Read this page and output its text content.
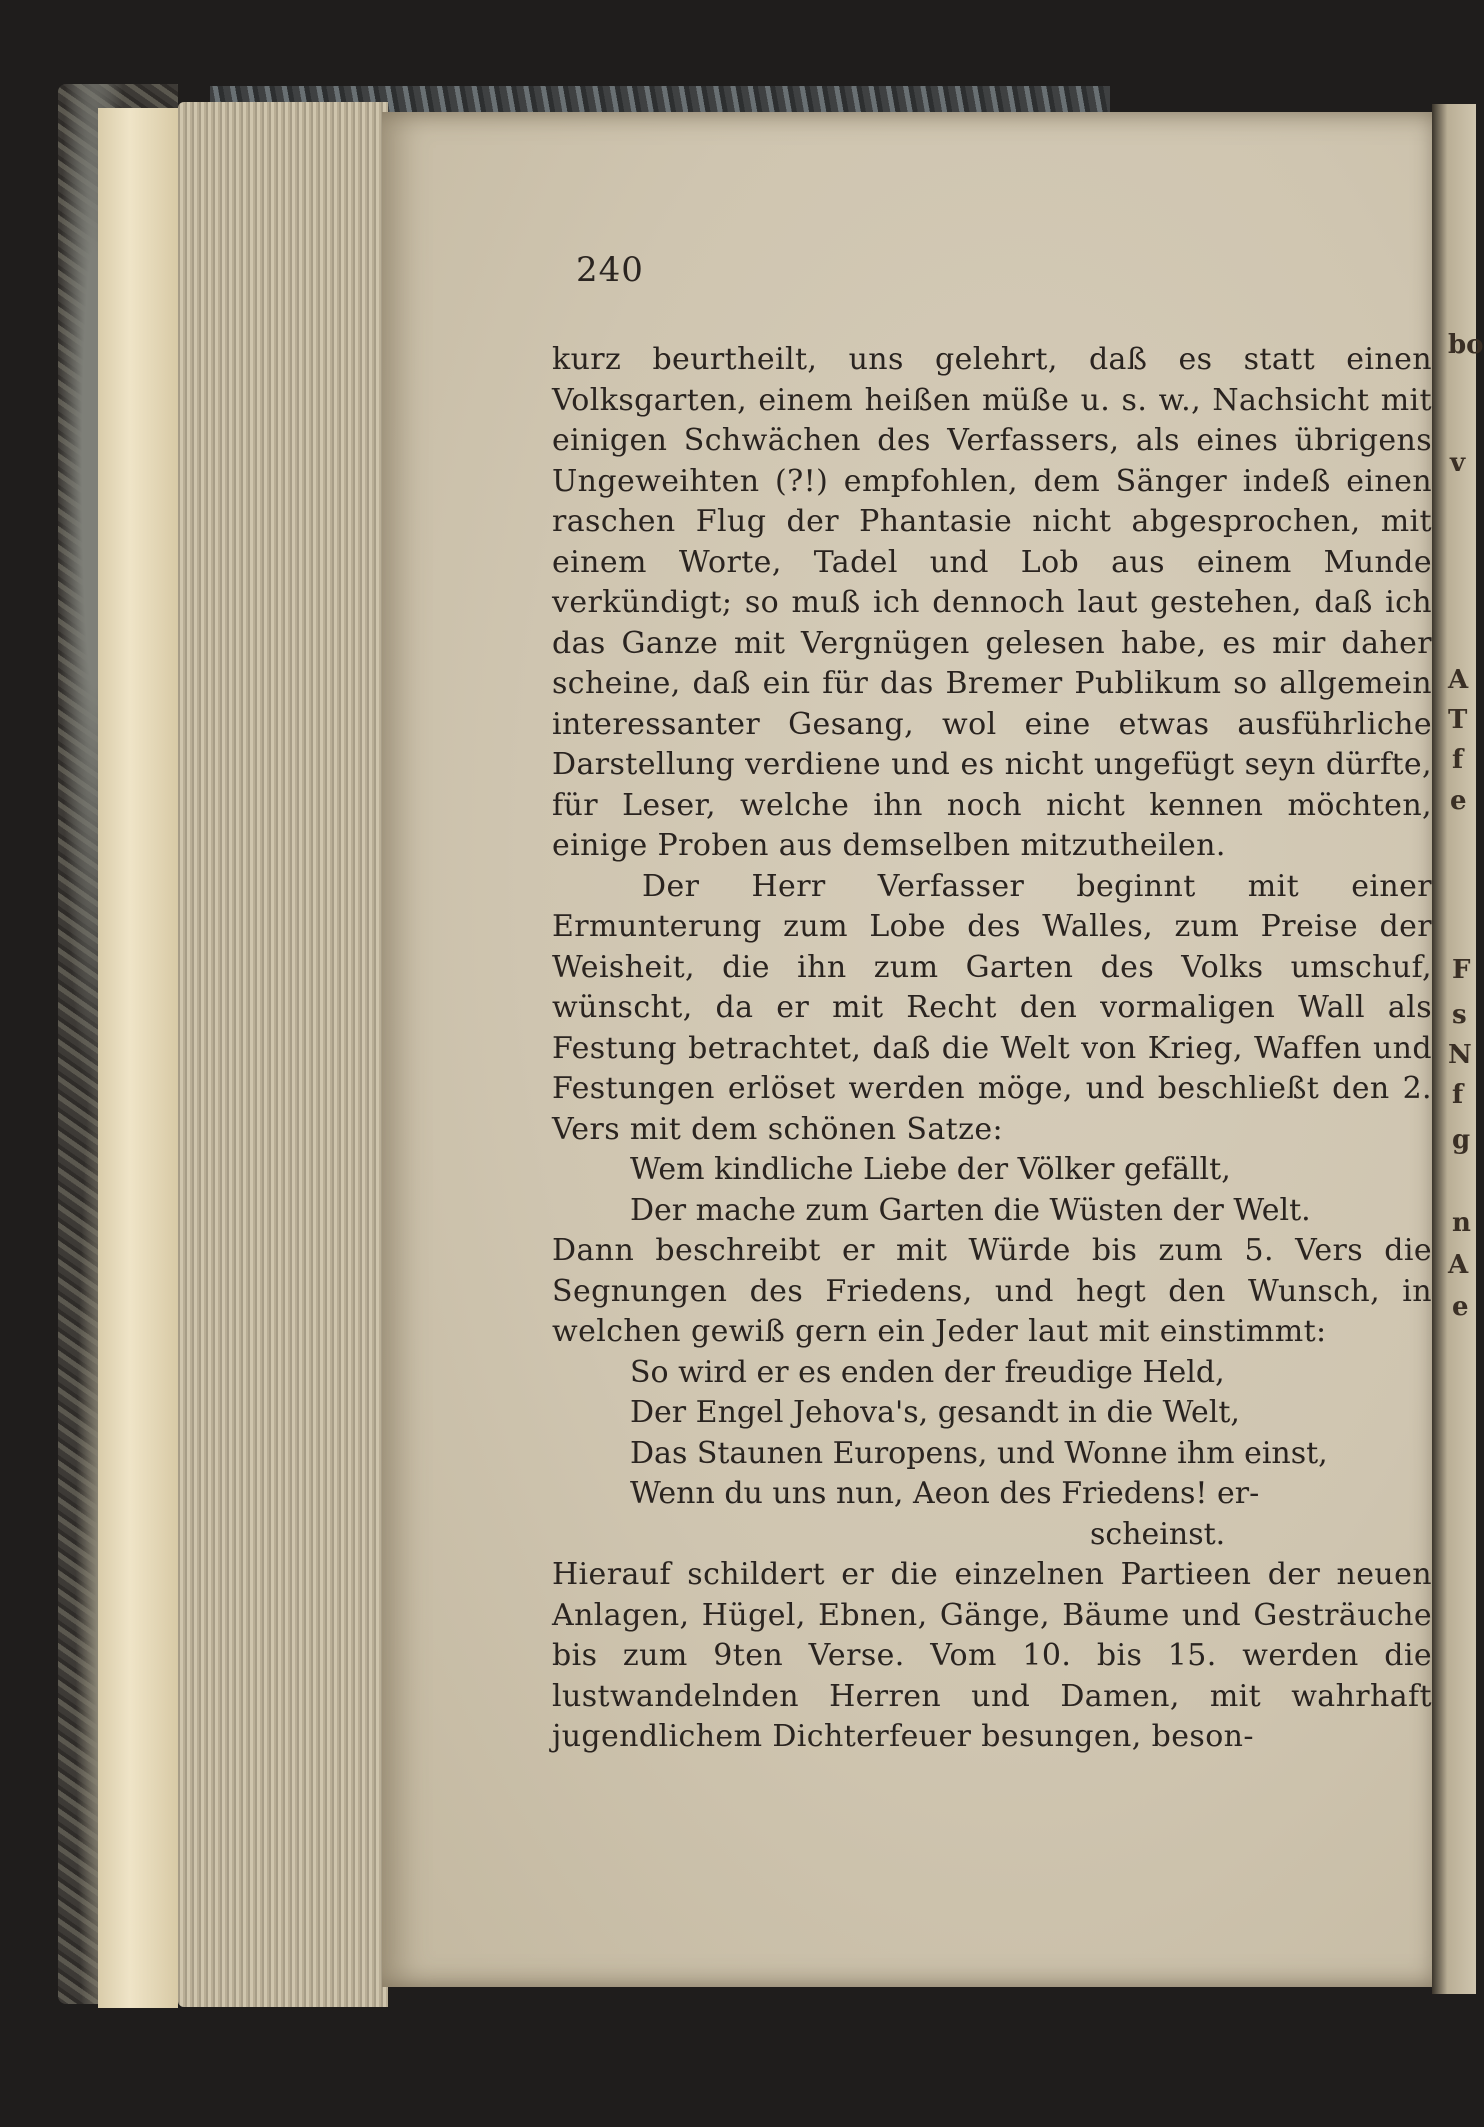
bo
v
A
T
f
e
F
s
N
f
g
n
A
e
240

kurz beurtheilt, uns gelehrt, daß es statt einen Volksgarten, einem heißen müße u. s. w., Nachsicht mit einigen Schwächen des Verfassers, als eines übrigens Ungeweihten (?!) empfohlen, dem Sänger indeß einen raschen Flug der Phantasie nicht abgesprochen, mit einem Worte, Tadel und Lob aus einem Munde verkündigt; so muß ich dennoch laut gestehen, daß ich das Ganze mit Vergnügen gelesen habe, es mir daher scheine, daß ein für das Bremer Publikum so allgemein interessanter Gesang, wol eine etwas ausführliche Darstellung verdiene und es nicht ungefügt seyn dürfte, für Leser, welche ihn noch nicht kennen möchten, einige Proben aus demselben mitzutheilen.

Der Herr Verfasser beginnt mit einer Ermunterung zum Lobe des Walles, zum Preise der Weisheit, die ihn zum Garten des Volks umschuf, wünscht, da er mit Recht den vormaligen Wall als Festung betrachtet, daß die Welt von Krieg, Waffen und Festungen erlöset werden möge, und beschließt den 2. Vers mit dem schönen Satze:

Wem kindliche Liebe der Völker gefällt,
Der mache zum Garten die Wüsten der Welt.

Dann beschreibt er mit Würde bis zum 5. Vers die Segnungen des Friedens, und hegt den Wunsch, in welchen gewiß gern ein Jeder laut mit einstimmt:

So wird er es enden der freudige Held,
Der Engel Jehova's, gesandt in die Welt,
Das Staunen Europens, und Wonne ihm einst,
Wenn du uns nun, Aeon des Friedens! er-
scheinst.

Hierauf schildert er die einzelnen Partieen der neuen Anlagen, Hügel, Ebnen, Gänge, Bäume und Gesträuche bis zum 9ten Verse. Vom 10. bis 15. werden die lustwandelnden Herren und Damen, mit wahrhaft jugendlichem Dichterfeuer besungen, beson-
